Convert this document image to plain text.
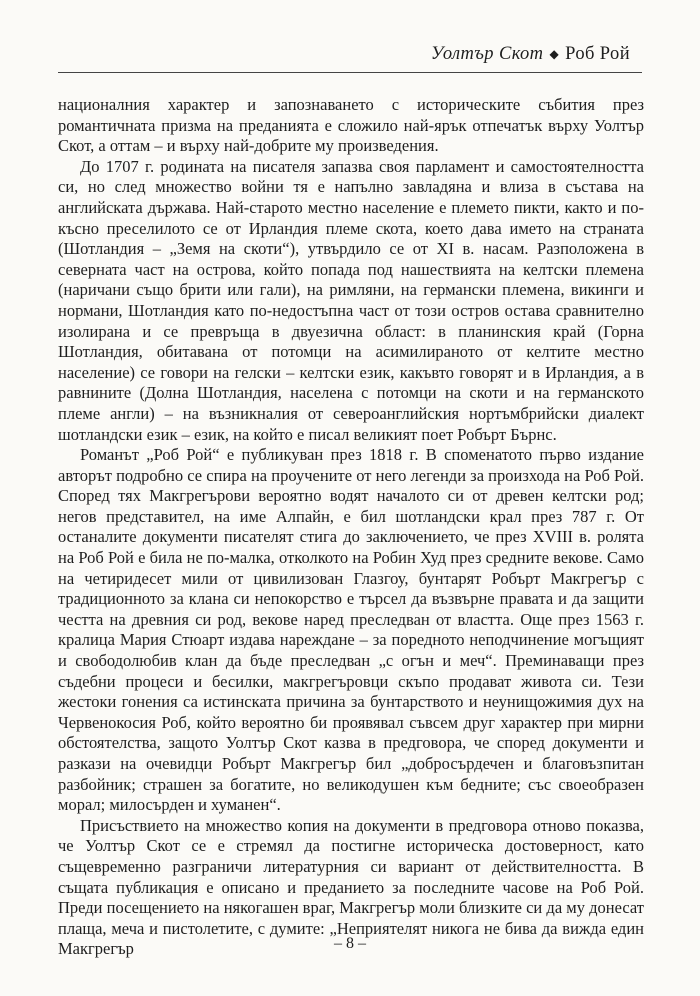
Уолтър Скот ◆ Роб Рой

националния характер и запознаването с историческите събития през романтичната призма на преданията е сложило най-ярък отпечатък върху Уолтър Скот, а оттам – и върху най-добрите му произведения.

До 1707 г. родината на писателя запазва своя парламент и самостоятелността си, но след множество войни тя е напълно завладяна и влиза в състава на английската държава. Най-старото местно население е племето пикти, както и по-късно преселилото се от Ирландия племе скота, което дава името на страната (Шотландия – „Земя на скоти“), утвърдило се от XI в. насам. Разположена в северната част на острова, който попада под нашествията на келтски племена (наричани също брити или гали), на римляни, на германски племена, викинги и нормани, Шотландия като по-недостъпна част от този остров остава сравнително изолирана и се превръща в двуезична област: в планинския край (Горна Шотландия, обитавана от потомци на асимилираното от келтите местно население) се говори на гелски – келтски език, какъвто говорят и в Ирландия, а в равнините (Долна Шотландия, населена с потомци на скоти и на германското племе англи) – на възникналия от североанглийския нортъмбрийски диалект шотландски език – език, на който е писал великият поет Робърт Бърнс.

Романът „Роб Рой“ е публикуван през 1818 г. В споменатото първо издание авторът подробно се спира на проучените от него легенди за произхода на Роб Рой. Според тях Макгрегърови вероятно водят началото си от древен келтски род; негов представител, на име Алпайн, е бил шотландски крал през 787 г. От останалите документи писателят стига до заключението, че през XVIII в. ролята на Роб Рой е била не по-малка, отколкото на Робин Худ през средните векове. Само на четиридесет мили от цивилизован Глазгоу, бунтарят Робърт Макгрегър с традиционното за клана си непокорство е търсел да възвърне правата и да защити честта на древния си род, векове наред преследван от властта. Още през 1563 г. кралица Мария Стюарт издава нареждане – за поредното неподчинение могъщият и свободолюбив клан да бъде преследван „с огън и меч“. Преминаващи през съдебни процеси и бесилки, макгрегъровци скъпо продават живота си. Тези жестоки гонения са истинската причина за бунтарството и неунищожимия дух на Червенокосия Роб, който вероятно би проявявал съвсем друг характер при мирни обстоятелства, защото Уолтър Скот казва в предговора, че според документи и разкази на очевидци Робърт Макгрегър бил „добросърдечен и благовъзпитан разбойник; страшен за богатите, но великодушен към бедните; със своеобразен морал; милосърден и хуманен“.

Присъствието на множество копия на документи в предговора отново показва, че Уолтър Скот се е стремял да постигне историческа достоверност, като същевременно разграничи литературния си вариант от действителността. В същата публикация е описано и преданието за последните часове на Роб Рой. Преди посещението на някогашен враг, Макгрегър моли близките си да му донесат плаща, меча и пистолетите, с думите: „Неприятелят никога не бива да вижда един Макгрегър	– 8 –
